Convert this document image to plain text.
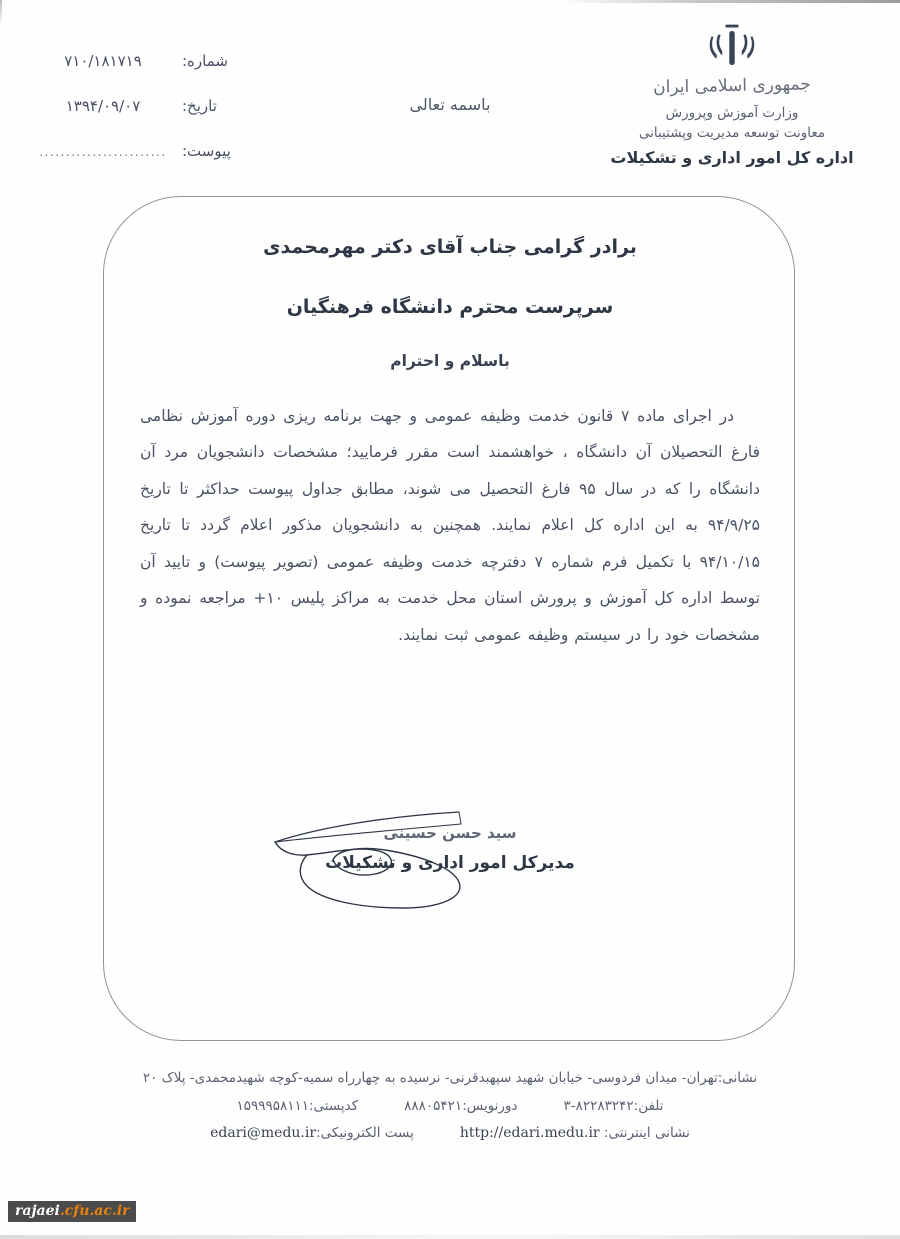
جمهوری اسلامی ایران
وزارت آموزش وپرورش
معاونت توسعه مدیریت وپشتیبانی
اداره کل امور اداری و تشکیلات
شماره:
۷۱۰/۱۸۱۷۱۹
تاریخ:
۱۳۹۴/۰۹/۰۷
پیوست:
........................
باسمه تعالی
برادر گرامی جناب آقای دکتر مهرمحمدی
سرپرست محترم دانشگاه فرهنگیان
باسلام و احترام
در اجرای ماده ۷ قانون خدمت وظیفه عمومی و جهت برنامه ریزی دوره آموزش نظامی فارغ التحصیلان آن دانشگاه ، خواهشمند است مقرر فرمایید؛ مشخصات دانشجویان مرد آن دانشگاه را که در سال ۹۵ فارغ التحصیل می شوند، مطابق جداول پیوست حداکثر تا تاریخ ۹۴/۹/۲۵ به این اداره کل اعلام نمایند. همچنین به دانشجویان مذکور اعلام گردد تا تاریخ ۹۴/۱۰/۱۵ با تکمیل فرم شماره ۷ دفترچه خدمت وظیفه عمومی (تصویر پیوست) و تایید آن توسط اداره کل آموزش و پرورش استان محل خدمت به مراکز پلیس ۱۰+ مراجعه نموده و مشخصات خود را در سیستم وظیفه عمومی ثبت نمایند.
سید حسن حسینی
مدیرکل امور اداری و تشکیلات
نشانی:تهران- میدان فردوسی- خیابان شهید سپهبدقرنی- نرسیده به چهارراه سمیه-کوچه شهیدمحمدی- پلاک ۲۰
تلفن:۸۲۲۸۳۲۴۲-۳
دورنویس:۸۸۸۰۵۴۲۱
کدپستی:۱۵۹۹۹۵۸۱۱۱
نشانی اینترنتی: http://edari.medu.ir
پست الکترونیکی:edari@medu.ir
rajaei.cfu.ac.ir
